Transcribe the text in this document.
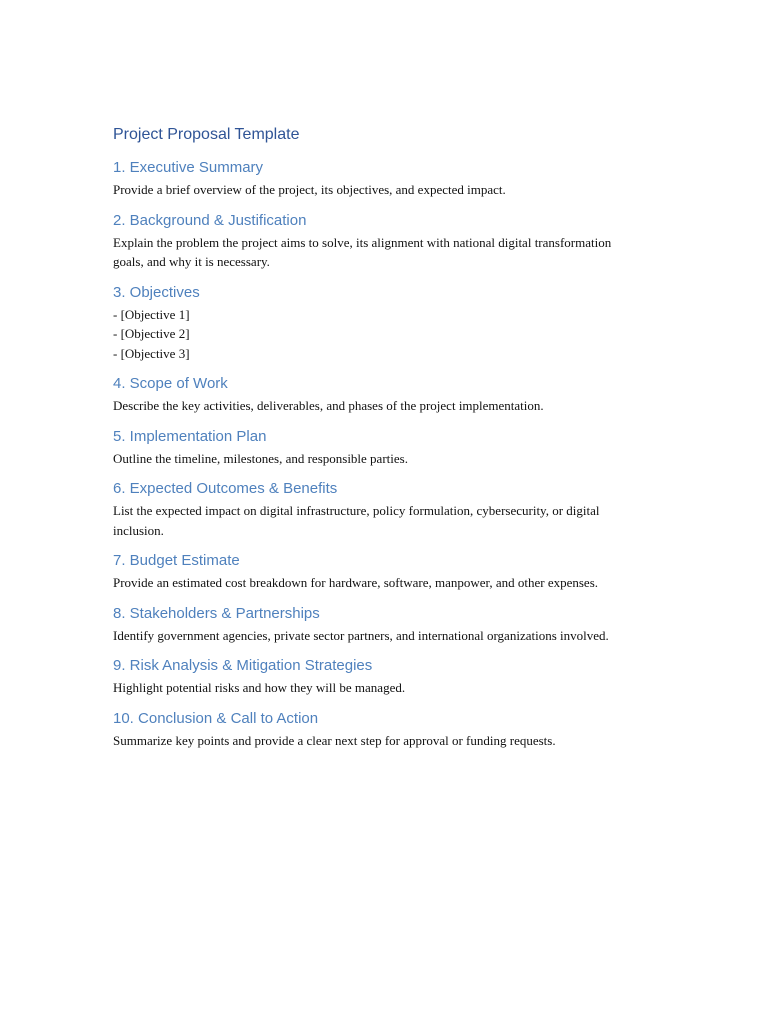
Project Proposal Template
1. Executive Summary

Provide a brief overview of the project, its objectives, and expected impact.

2. Background & Justification

Explain the problem the project aims to solve, its alignment with national digital transformation goals, and why it is necessary.

3. Objectives
- [Objective 1]
- [Objective 2]
- [Objective 3]
4. Scope of Work

Describe the key activities, deliverables, and phases of the project implementation.

5. Implementation Plan

Outline the timeline, milestones, and responsible parties.

6. Expected Outcomes & Benefits

List the expected impact on digital infrastructure, policy formulation, cybersecurity, or digital inclusion.

7. Budget Estimate

Provide an estimated cost breakdown for hardware, software, manpower, and other expenses.

8. Stakeholders & Partnerships

Identify government agencies, private sector partners, and international organizations involved.

9. Risk Analysis & Mitigation Strategies

Highlight potential risks and how they will be managed.

10. Conclusion & Call to Action

Summarize key points and provide a clear next step for approval or funding requests.
